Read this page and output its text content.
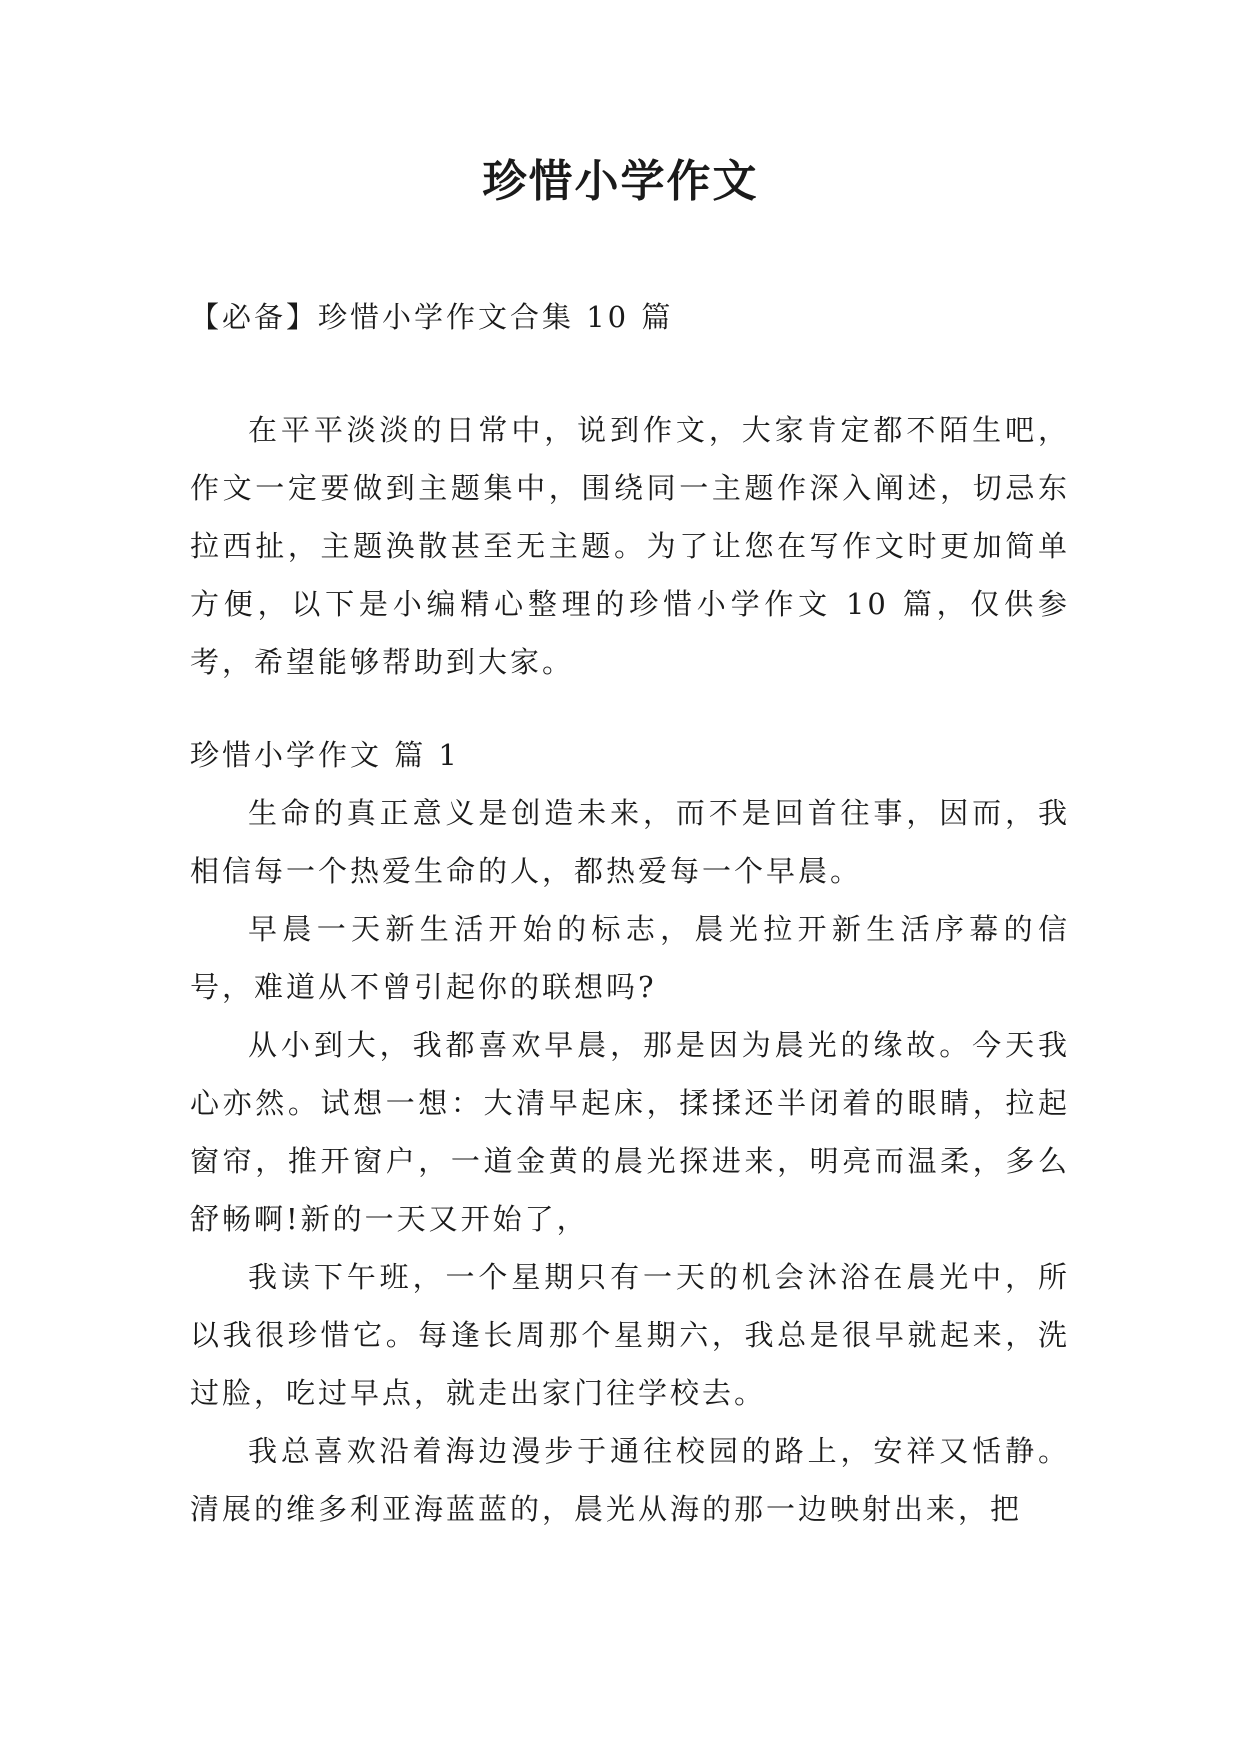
珍惜小学作文

【必备】珍惜小学作文合集 10 篇

在平平淡淡的日常中，说到作文，大家肯定都不陌生吧，作文一定要做到主题集中，围绕同一主题作深入阐述，切忌东拉西扯，主题涣散甚至无主题。为了让您在写作文时更加简单方便，以下是小编精心整理的珍惜小学作文 10 篇，仅供参考，希望能够帮助到大家。

珍惜小学作文 篇 1

生命的真正意义是创造未来，而不是回首往事，因而，我相信每一个热爱生命的人，都热爱每一个早晨。

早晨一天新生活开始的标志，晨光拉开新生活序幕的信号，难道从不曾引起你的联想吗?

从小到大，我都喜欢早晨，那是因为晨光的缘故。今天我心亦然。试想一想：大清早起床，揉揉还半闭着的眼睛，拉起窗帘，推开窗户，一道金黄的晨光探进来，明亮而温柔，多么舒畅啊!新的一天又开始了，

我读下午班，一个星期只有一天的机会沐浴在晨光中，所以我很珍惜它。每逢长周那个星期六，我总是很早就起来，洗过脸，吃过早点，就走出家门往学校去。

我总喜欢沿着海边漫步于通往校园的路上，安祥又恬静。清展的维多利亚海蓝蓝的，晨光从海的那一边映射出来，把
